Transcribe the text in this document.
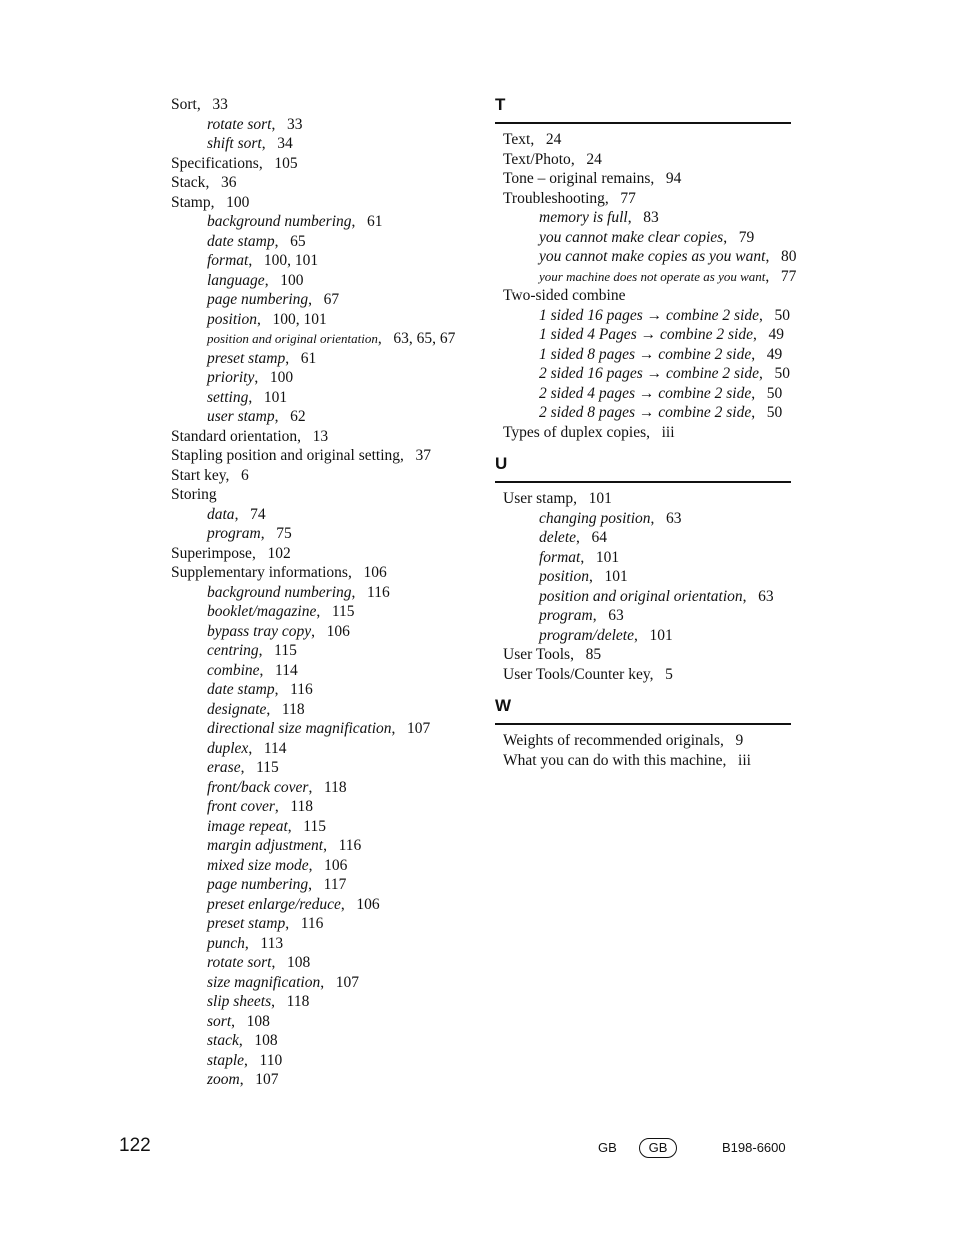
Sort,   33
rotate sort,   33
shift sort,   34
Specifications,   105
Stack,   36
Stamp,   100
background numbering,   61
date stamp,   65
format,   100, 101
language,   100
page numbering,   67
position,   100, 101
position and original orientation,   63, 65, 67
preset stamp,   61
priority,   100
setting,   101
user stamp,   62
Standard orientation,   13
Stapling position and original setting,   37
Start key,   6
Storing
data,   74
program,   75
Superimpose,   102
Supplementary informations,   106
background numbering,   116
booklet/magazine,   115
bypass tray copy,   106
centring,   115
combine,   114
date stamp,   116
designate,   118
directional size magnification,   107
duplex,   114
erase,   115
front/back cover,   118
front cover,   118
image repeat,   115
margin adjustment,   116
mixed size mode,   106
page numbering,   117
preset enlarge/reduce,   106
preset stamp,   116
punch,   113
rotate sort,   108
size magnification,   107
slip sheets,   118
sort,   108
stack,   108
staple,   110
zoom,   107
T
Text,   24
Text/Photo,   24
Tone – original remains,   94
Troubleshooting,   77
memory is full,   83
you cannot make clear copies,   79
you cannot make copies as you want,   80
your machine does not operate as you want,   77
Two-sided combine
1 sided 16 pages → combine 2 side,   50
1 sided 4 Pages → combine 2 side,   49
1 sided 8 pages → combine 2 side,   49
2 sided 16 pages → combine 2 side,   50
2 sided 4 pages → combine 2 side,   50
2 sided 8 pages → combine 2 side,   50
Types of duplex copies,   iii
U
User stamp,   101
changing position,   63
delete,   64
format,   101
position,   101
position and original orientation,   63
program,   63
program/delete,   101
User Tools,   85
User Tools/Counter key,   5
W
Weights of recommended originals,   9
What you can do with this machine,   iii
122	GB	GB	B198-6600
